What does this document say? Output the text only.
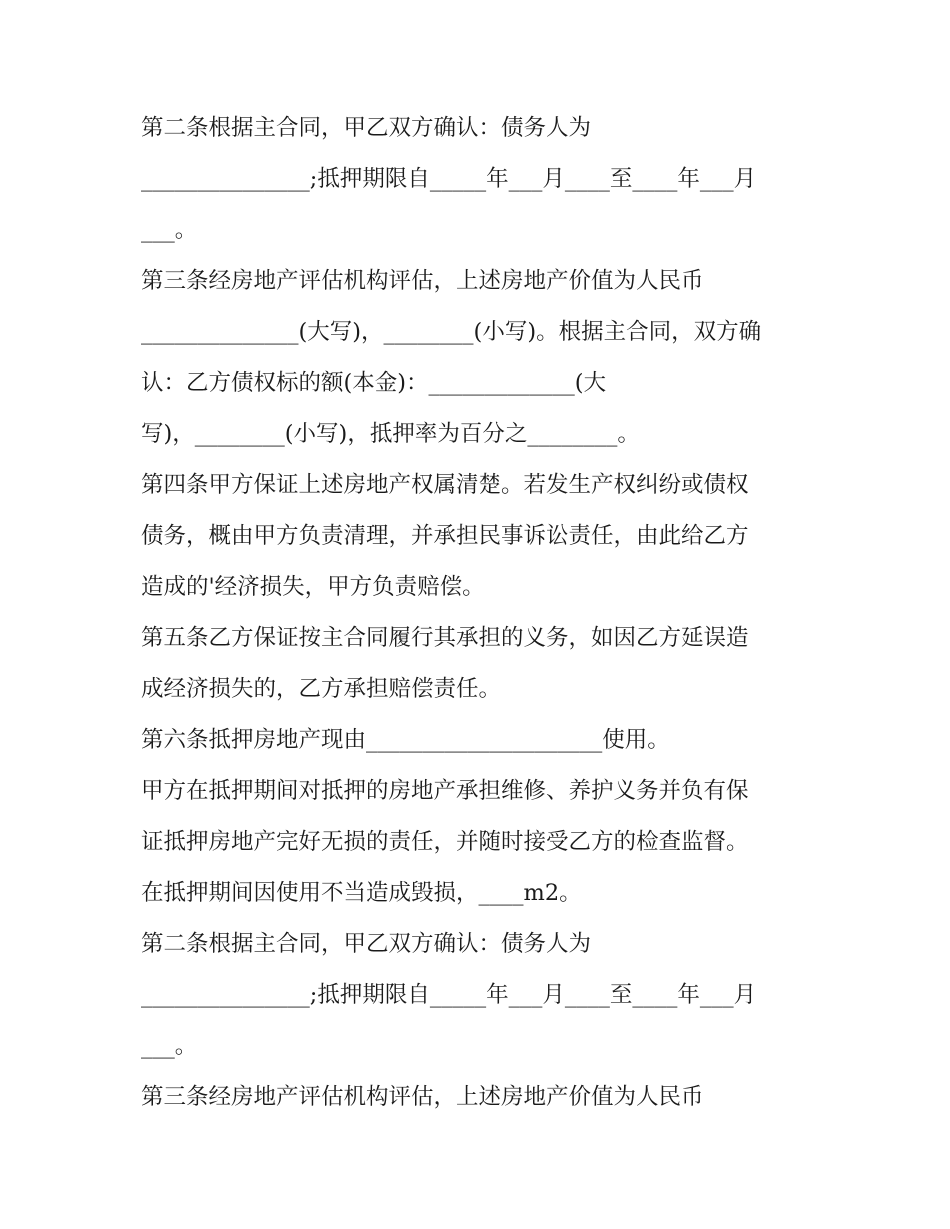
第二条根据主合同，甲乙双方确认：债务人为
_______________;抵押期限自_____年___月____至____年___月
___。
第三条经房地产评估机构评估，上述房地产价值为人民币
______________(大写)，________(小写)。根据主合同，双方确
认：乙方债权标的额(本金)：_____________(大
写)，________(小写)，抵押率为百分之________。
第四条甲方保证上述房地产权属清楚。若发生产权纠纷或债权
债务，概由甲方负责清理，并承担民事诉讼责任，由此给乙方
造成的'经济损失，甲方负责赔偿。
第五条乙方保证按主合同履行其承担的义务，如因乙方延误造
成经济损失的，乙方承担赔偿责任。
第六条抵押房地产现由_____________________使用。
甲方在抵押期间对抵押的房地产承担维修、养护义务并负有保
证抵押房地产完好无损的责任，并随时接受乙方的检查监督。
在抵押期间因使用不当造成毁损，____m2。
第二条根据主合同，甲乙双方确认：债务人为
_______________;抵押期限自_____年___月____至____年___月
___。
第三条经房地产评估机构评估，上述房地产价值为人民币
